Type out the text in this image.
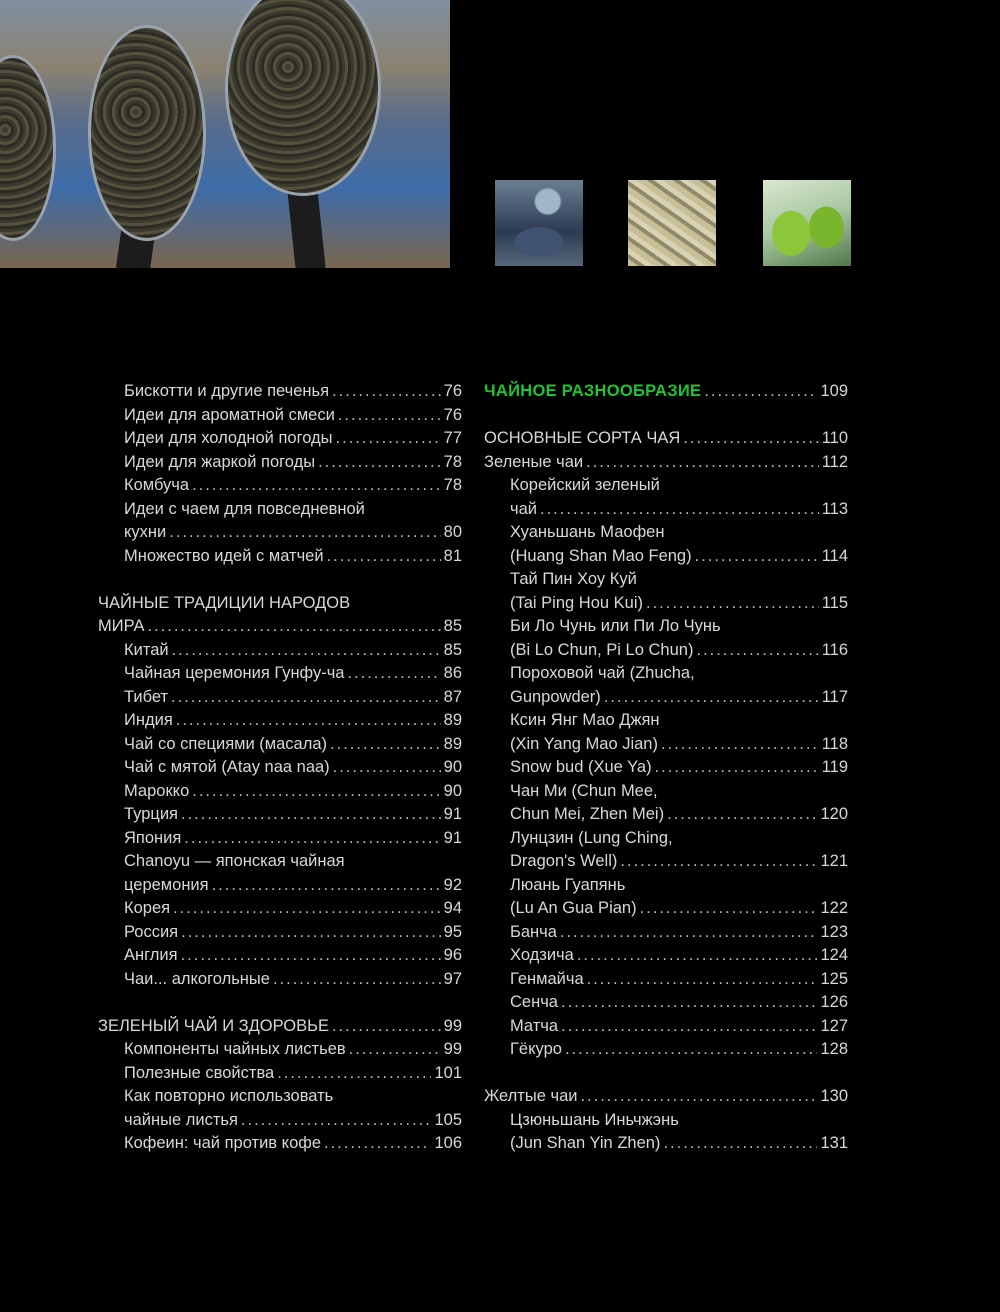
Бискотти и другие печенья .....	76
Идеи для ароматной смеси .....	76
Идеи для холодной погоды .....	77
Идеи для жаркой погоды .....	78
Комбуча .....	78
Идеи с чаем для повседневной
кухни .....	80
Множество идей с матчей .....	81
ЧАЙНЫЕ ТРАДИЦИИ НАРОДОВ
МИРА .....	85
Китай .....	85
Чайная церемония Гунфу-ча .....	86
Тибет .....	87
Индия .....	89
Чай со специями (масала) .....	89
Чай с мятой (Atay naa naa) .....	90
Марокко .....	90
Турция .....	91
Япония .....	91
Chanoyu — японская чайная
церемония .....	92
Корея .....	94
Россия .....	95
Англия .....	96
Чаи... алкогольные .....	97
ЗЕЛЕНЫЙ ЧАЙ И ЗДОРОВЬЕ .....	99
Компоненты чайных листьев .....	99
Полезные свойства .....	101
Как повторно использовать
чайные листья .....	105
Кофеин: чай против кофе .....	106
ЧАЙНОЕ РАЗНООБРАЗИЕ .....	109
ОСНОВНЫЕ СОРТА ЧАЯ .....	110
Зеленые чаи .....	112
Корейский зеленый
чай .....	113
Хуаньшань Маофен
(Huang Shan Mao Feng) .....	114
Тай Пин Хоу Куй
(Tai Ping Hou Kui) .....	115
Би Ло Чунь или Пи Ло Чунь
(Bi Lo Chun, Pi Lo Chun) .....	116
Пороховой чай (Zhucha,
Gunpowder) .....	117
Ксин Янг Мао Джян
(Xin Yang Mao Jian) .....	118
Snow bud (Xue Ya) .....	119
Чан Ми (Chun Mee,
Chun Mei, Zhen Mei) .....	120
Лунцзин (Lung Ching,
Dragon's Well) .....	121
Люань Гуапянь
(Lu An Gua Pian) .....	122
Банча .....	123
Ходзича .....	124
Генмайча .....	125
Сенча .....	126
Матча .....	127
Гёкуро .....	128
Желтые чаи .....	130
Цзюньшань Иньчжэнь
(Jun Shan Yin Zhen) .....	131
